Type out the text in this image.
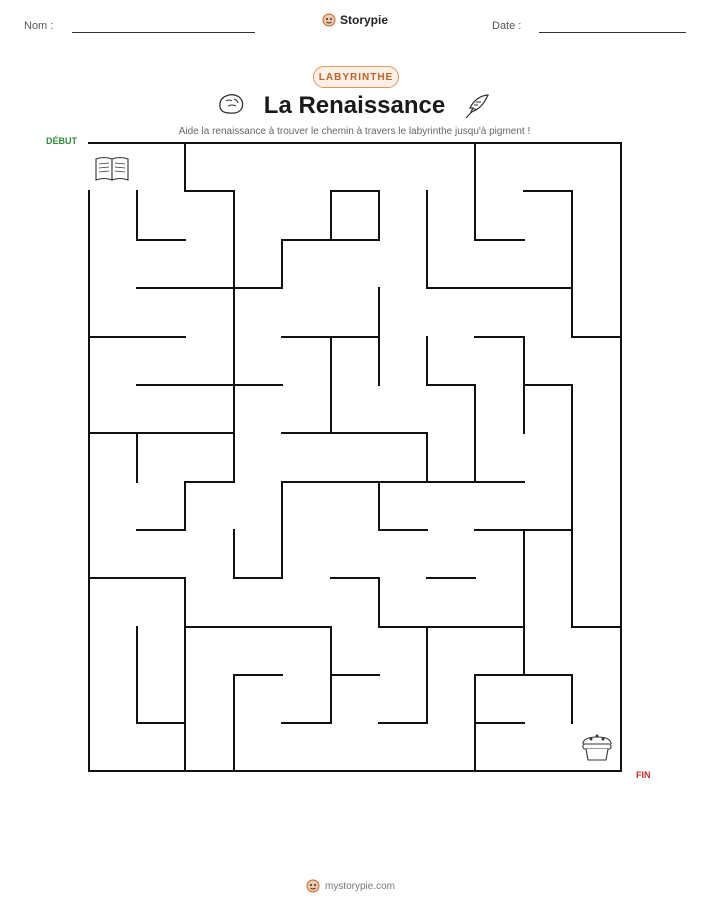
Nom :	Storypie	Date :
LABYRINTHE
La Renaissance
Aide la renaissance à trouver le chemin à travers le labyrinthe jusqu'à pigment !
DÉBUT
FIN
mystorypie.com
